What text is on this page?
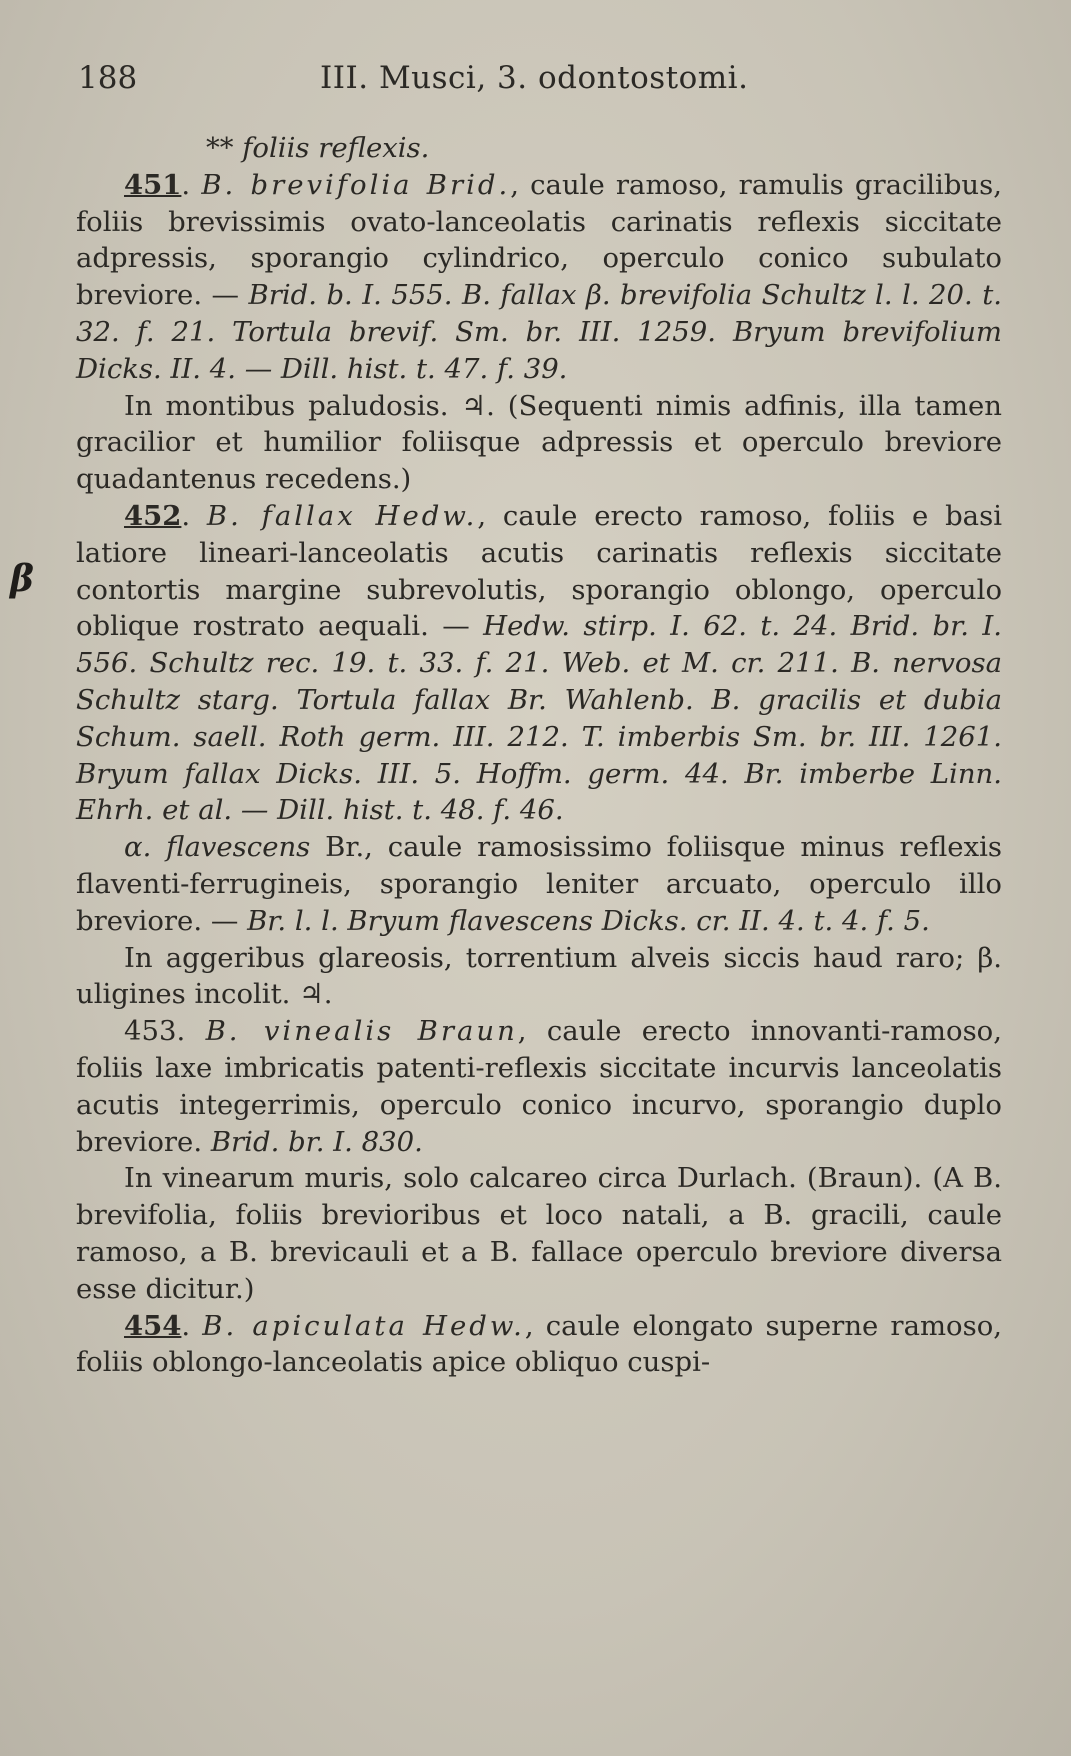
188	III. Musci, 3. odontostomi.
β

** foliis reflexis.

451. B. brevifolia Brid., caule ramoso, ramulis gracilibus, foliis brevissimis ovato-lanceolatis carinatis reflexis siccitate adpressis, sporangio cylindrico, operculo conico subulato breviore. — Brid. b. I. 555. B. fallax β. brevifolia Schultz l. l. 20. t. 32. f. 21. Tortula brevif. Sm. br. III. 1259. Bryum brevifolium Dicks. II. 4. — Dill. hist. t. 47. f. 39.

In montibus paludosis. ♃. (Sequenti nimis adfinis, illa tamen gracilior et humilior foliisque adpressis et operculo breviore quadantenus recedens.)

452. B. fallax Hedw., caule erecto ramoso, foliis e basi latiore lineari-lanceolatis acutis carinatis reflexis siccitate contortis margine subrevolutis, sporangio oblongo, operculo oblique rostrato aequali. — Hedw. stirp. I. 62. t. 24. Brid. br. I. 556. Schultz rec. 19. t. 33. f. 21. Web. et M. cr. 211. B. nervosa Schultz starg. Tortula fallax Br. Wahlenb. B. gracilis et dubia Schum. saell. Roth germ. III. 212. T. imberbis Sm. br. III. 1261. Bryum fallax Dicks. III. 5. Hoffm. germ. 44. Br. imberbe Linn. Ehrh. et al. — Dill. hist. t. 48. f. 46.

α. flavescens Br., caule ramosissimo foliisque minus reflexis flaventi-ferrugineis, sporangio leniter arcuato, operculo illo breviore. — Br. l. l. Bryum flavescens Dicks. cr. II. 4. t. 4. f. 5.

In aggeribus glareosis, torrentium alveis siccis haud raro; β. uligines incolit. ♃.

453. B. vinealis Braun, caule erecto innovanti-ramoso, foliis laxe imbricatis patenti-reflexis siccitate incurvis lanceolatis acutis integerrimis, operculo conico incurvo, sporangio duplo breviore. Brid. br. I. 830.

In vinearum muris, solo calcareo circa Durlach. (Braun). (A B. brevifolia, foliis brevioribus et loco natali, a B. gracili, caule ramoso, a B. brevicauli et a B. fallace operculo breviore diversa esse dicitur.)

454. B. apiculata Hedw., caule elongato superne ramoso, foliis oblongo-lanceolatis apice obliquo cuspi-
